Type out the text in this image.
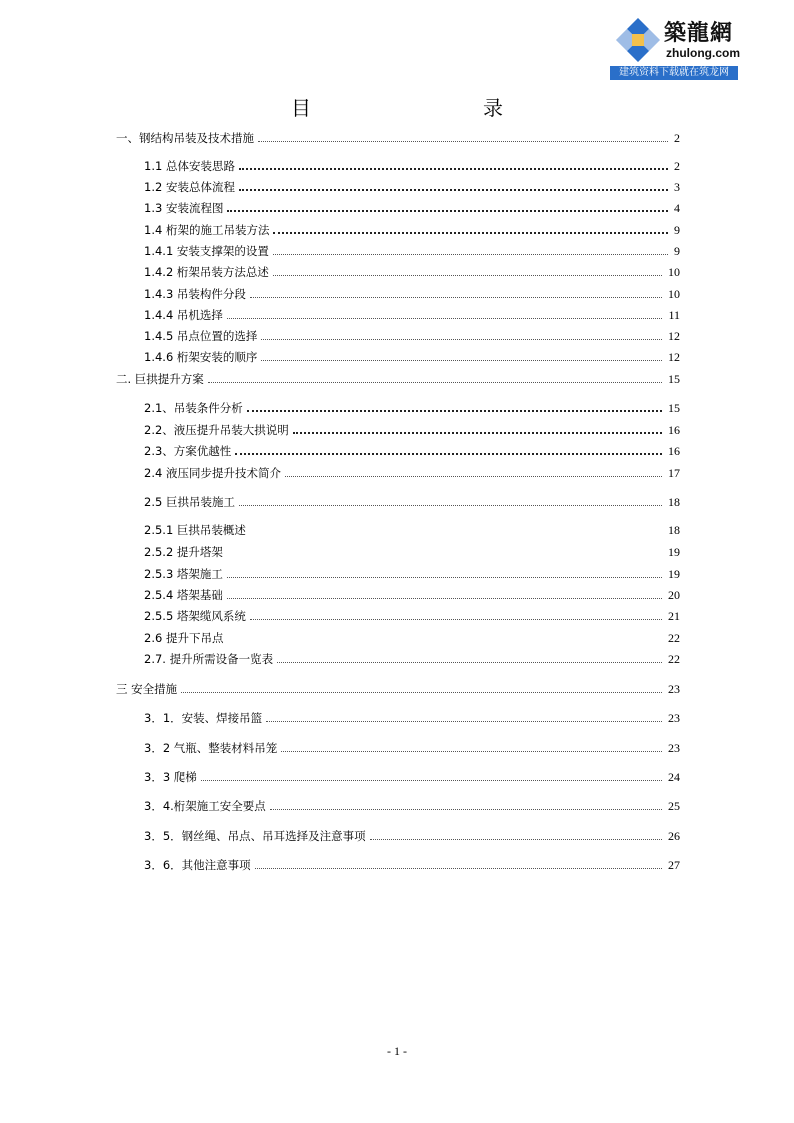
築龍網
zhulong.com
建筑资料下载就在筑龙网
目	录
一、钢结构吊装及技术措施	2
1.1 总体安装思路	2
1.2 安装总体流程	3
1.3 安装流程图	4
1.4 桁架的施工吊装方法	9
1.4.1 安装支撑架的设置	9
1.4.2 桁架吊装方法总述	10
1.4.3 吊装构件分段	10
1.4.4 吊机选择	11
1.4.5 吊点位置的选择	12
1.4.6 桁架安装的顺序	12
二. 巨拱提升方案	15
2.1、吊装条件分析	15
2.2、液压提升吊装大拱说明	16
2.3、方案优越性	16
2.4 液压同步提升技术简介	17
2.5 巨拱吊装施工	18
2.5.1 巨拱吊装概述	18
2.5.2 提升塔架	19
2.5.3 塔架施工	19
2.5.4 塔架基础	20
2.5.5 塔架缆风系统	21
2.6 提升下吊点	22
2.7. 提升所需设备一览表	22
三 安全措施	23
3．1．安装、焊接吊篮	23
3．2 气瓶、整装材料吊笼	23
3．3 爬梯	24
3．4.桁架施工安全要点	25
3．5．钢丝绳、吊点、吊耳选择及注意事项	26
3．6．其他注意事项	27
- 1 -
